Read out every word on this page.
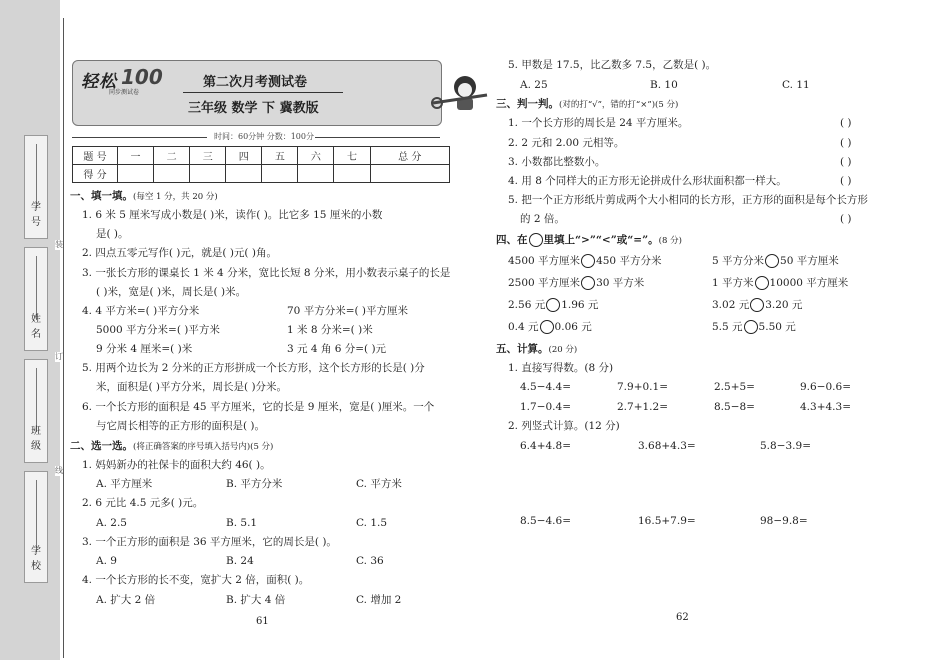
学 号
姓 名
班 级
学 校
装
订
线
轻松 100
同步测试卷
第二次月考测试卷
三年级 数学 下 冀教版
时间：60分钟 分数：100分
题 号	一	二	三	四	五	六	七	总 分
得 分								
一、填一填。(每空 1 分，共 20 分)
1. 6 米 5 厘米写成小数是( )米，读作( )。比它多 15 厘米的小数
是( )。
2. 四点五零元写作( )元，就是( )元( )角。
3. 一张长方形的课桌长 1 米 4 分米，宽比长短 8 分米，用小数表示桌子的长是
( )米，宽是( )米，周长是( )米。
4. 4 平方米=( )平方分米	70 平方分米=( )平方厘米
5000 平方分米=( )平方米	1 米 8 分米=( )米
9 分米 4 厘米=( )米	3 元 4 角 6 分=( )元
5. 用两个边长为 2 分米的正方形拼成一个长方形，这个长方形的长是( )分
米，面积是( )平方分米，周长是( )分米。
6. 一个长方形的面积是 45 平方厘米，它的长是 9 厘米，宽是( )厘米。一个
与它周长相等的正方形的面积是( )。
二、选一选。(将正确答案的序号填入括号内)(5 分)
1. 妈妈新办的社保卡的面积大约 46( )。
A. 平方厘米	B. 平方分米	C. 平方米
2. 6 元比 4.5 元多( )元。
A. 2.5	B. 5.1	C. 1.5
3. 一个正方形的面积是 36 平方厘米，它的周长是( )。
A. 9	B. 24	C. 36
4. 一个长方形的长不变，宽扩大 2 倍，面积( )。
A. 扩大 2 倍	B. 扩大 4 倍	C. 增加 2
61
5. 甲数是 17.5，比乙数多 7.5，乙数是( )。
A. 25	B. 10	C. 11
三、判一判。(对的打“√”，错的打“×”)(5 分)
1. 一个长方形的周长是 24 平方厘米。	( )
2. 2 元和 2.00 元相等。	( )
3. 小数都比整数小。	( )
4. 用 8 个同样大的正方形无论拼成什么形状面积都一样大。	( )
5. 把一个正方形纸片剪成两个大小相同的长方形，正方形的面积是每个长方形
的 2 倍。	( )
四、在 里填上“>”“<”或“=”。(8 分)
4500 平方厘米 450 平方分米	5 平方分米 50 平方厘米
2500 平方厘米 30 平方米	1 平方米 10000 平方厘米
2.56 元 1.96 元	3.02 元 3.20 元
0.4 元 0.06 元	5.5 元 5.50 元
五、计算。(20 分)
1. 直接写得数。(8 分)
4.5−4.4=	7.9+0.1=	2.5+5=	9.6−0.6=
1.7−0.4=	2.7+1.2=	8.5−8=	4.3+4.3=
2. 列竖式计算。(12 分)
6.4+4.8=	3.68+4.3=	5.8−3.9=
8.5−4.6=	16.5+7.9=	98−9.8=
62
